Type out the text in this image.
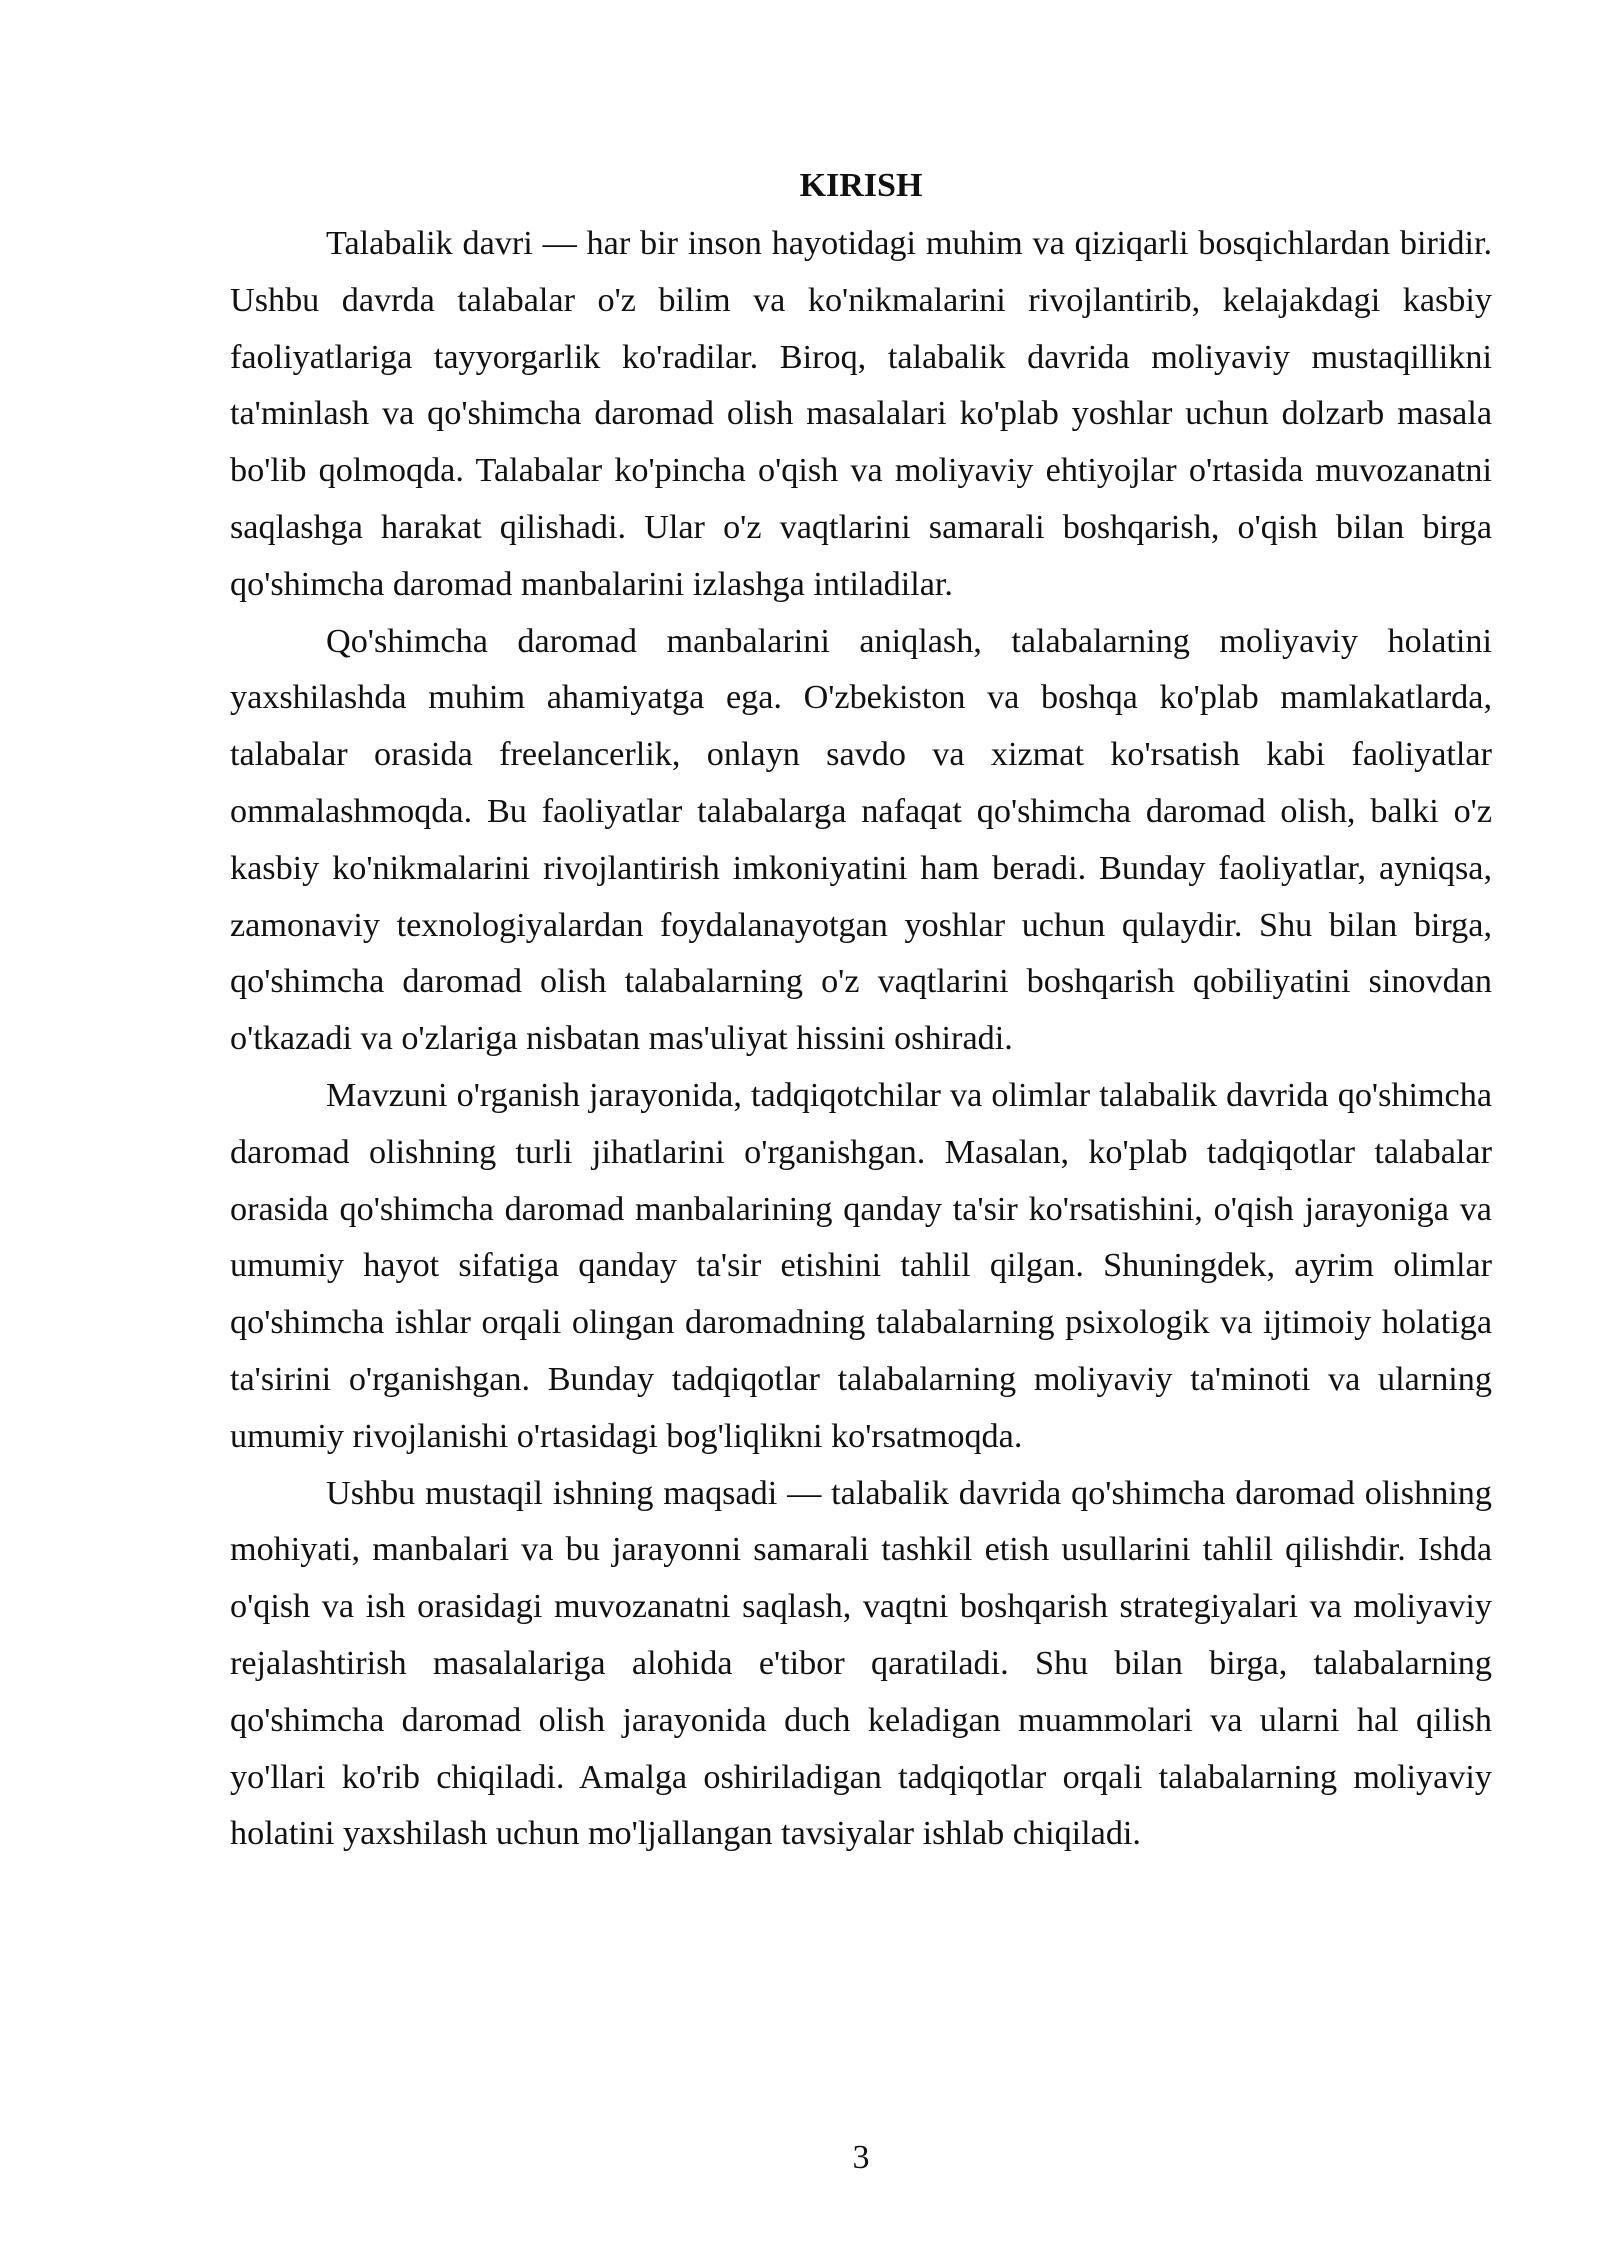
KIRISH

Talabalik davri — har bir inson hayotidagi muhim va qiziqarli bosqichlardan biridir. Ushbu davrda talabalar o'z bilim va ko'nikmalarini rivojlantirib, kelajakdagi kasbiy faoliyatlariga tayyorgarlik ko'radilar. Biroq, talabalik davrida moliyaviy mustaqillikni ta'minlash va qo'shimcha daromad olish masalalari ko'plab yoshlar uchun dolzarb masala bo'lib qolmoqda. Talabalar ko'pincha o'qish va moliyaviy ehtiyojlar o'rtasida muvozanatni saqlashga harakat qilishadi. Ular o'z vaqtlarini samarali boshqarish, o'qish bilan birga qo'shimcha daromad manbalarini izlashga intiladilar.

Qo'shimcha daromad manbalarini aniqlash, talabalarning moliyaviy holatini yaxshilashda muhim ahamiyatga ega. O'zbekiston va boshqa ko'plab mamlakatlarda, talabalar orasida freelancerlik, onlayn savdo va xizmat ko'rsatish kabi faoliyatlar ommalashmoqda. Bu faoliyatlar talabalarga nafaqat qo'shimcha daromad olish, balki o'z kasbiy ko'nikmalarini rivojlantirish imkoniyatini ham beradi. Bunday faoliyatlar, ayniqsa, zamonaviy texnologiyalardan foydalanayotgan yoshlar uchun qulaydir. Shu bilan birga, qo'shimcha daromad olish talabalarning o'z vaqtlarini boshqarish qobiliyatini sinovdan o'tkazadi va o'zlariga nisbatan mas'uliyat hissini oshiradi.

Mavzuni o'rganish jarayonida, tadqiqotchilar va olimlar talabalik davrida qo'shimcha daromad olishning turli jihatlarini o'rganishgan. Masalan, ko'plab tadqiqotlar talabalar orasida qo'shimcha daromad manbalarining qanday ta'sir ko'rsatishini, o'qish jarayoniga va umumiy hayot sifatiga qanday ta'sir etishini tahlil qilgan. Shuningdek, ayrim olimlar qo'shimcha ishlar orqali olingan daromadning talabalarning psixologik va ijtimoiy holatiga ta'sirini o'rganishgan. Bunday tadqiqotlar talabalarning moliyaviy ta'minoti va ularning umumiy rivojlanishi o'rtasidagi bog'liqlikni ko'rsatmoqda.

Ushbu mustaqil ishning maqsadi — talabalik davrida qo'shimcha daromad olishning mohiyati, manbalari va bu jarayonni samarali tashkil etish usullarini tahlil qilishdir. Ishda o'qish va ish orasidagi muvozanatni saqlash, vaqtni boshqarish strategiyalari va moliyaviy rejalashtirish masalalariga alohida e'tibor qaratiladi. Shu bilan birga, talabalarning qo'shimcha daromad olish jarayonida duch keladigan muammolari va ularni hal qilish yo'llari ko'rib chiqiladi. Amalga oshiriladigan tadqiqotlar orqali talabalarning moliyaviy holatini yaxshilash uchun mo'ljallangan tavsiyalar ishlab chiqiladi.

3
